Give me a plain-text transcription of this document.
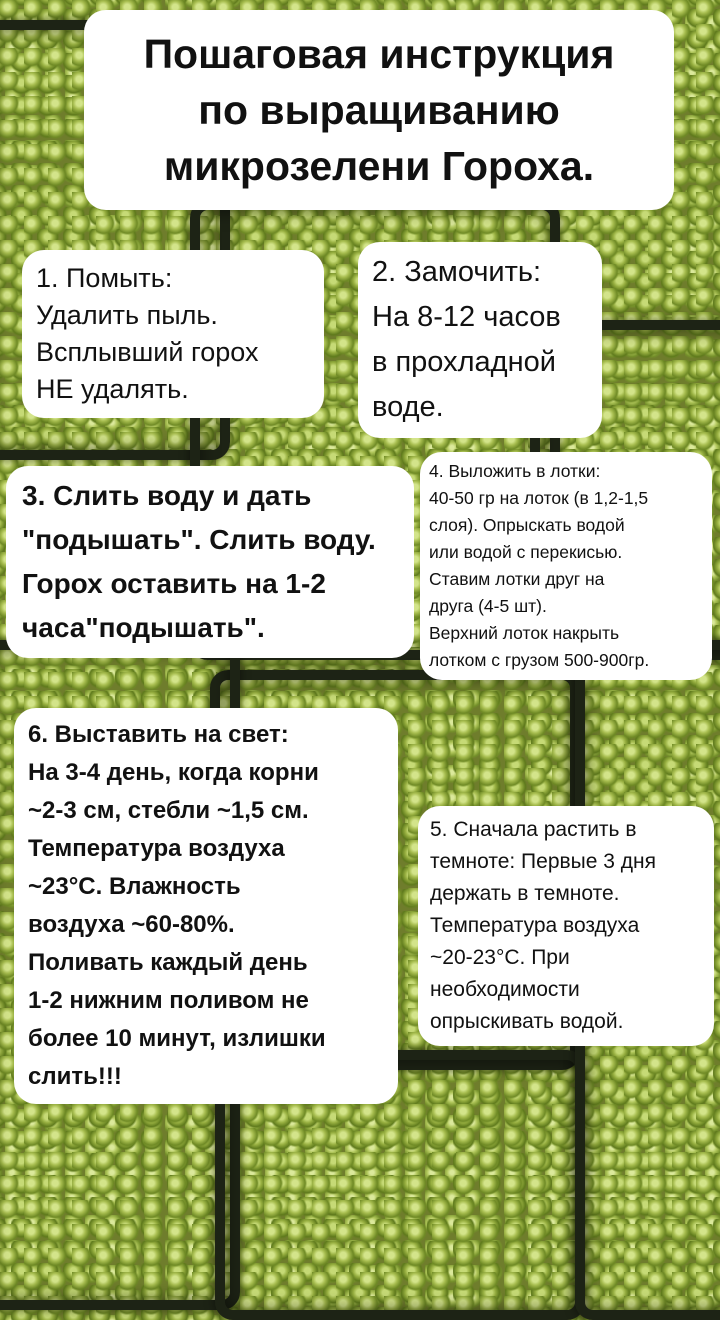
Пошаговая инструкция
по выращиванию
микрозелени Гороха.
1. Помыть:
Удалить пыль.
Всплывший горох
НЕ удалять.
2. Замочить:
На 8-12 часов
в прохладной
воде.
3. Слить воду и дать
"подышать". Слить воду.
Горох оставить на 1-2
часа"подышать".
4. Выложить в лотки:
40-50 гр на лоток (в 1,2-1,5
слоя). Опрыскать водой
или водой с перекисью.
Ставим лотки друг на
друга (4-5 шт).
Верхний лоток накрыть
лотком с грузом 500-900гр.
6. Выставить на свет:
На 3-4 день, когда корни
~2-3 см, стебли ~1,5 см.
Температура воздуха
~23°C. Влажность
воздуха ~60-80%.
Поливать каждый день
1-2 нижним поливом не
более 10 минут, излишки
слить!!!
5. Сначала растить в
темноте: Первые 3 дня
держать в темноте.
Температура воздуха
~20-23°C. При
необходимости
опрыскивать водой.
